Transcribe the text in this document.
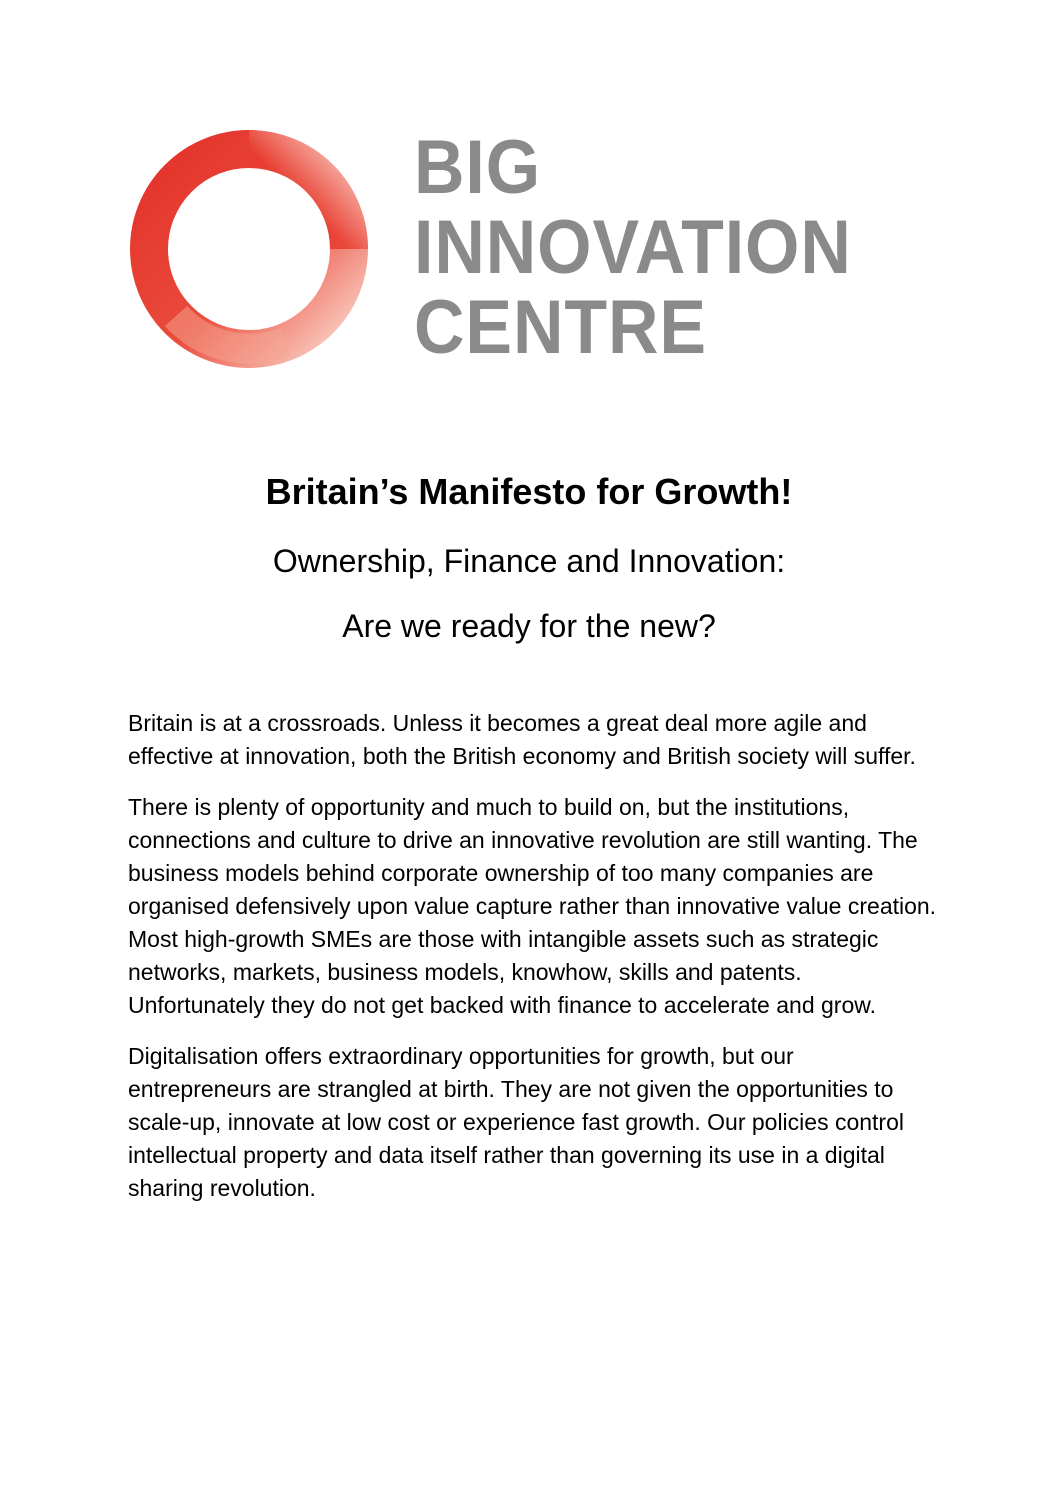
BIG
INNOVATION
CENTRE
Britain’s Manifesto for Growth!
Ownership, Finance and Innovation:
Are we ready for the new?

Britain is at a crossroads. Unless it becomes a great deal more agile and effective at innovation, both the British economy and British society will suffer.

There is plenty of opportunity and much to build on, but the institutions, connections and culture to drive an innovative revolution are still wanting. The business models behind corporate ownership of too many companies are organised defensively upon value capture rather than innovative value creation. Most high-growth SMEs are those with intangible assets such as strategic networks, markets, business models, knowhow, skills and patents. Unfortunately they do not get backed with finance to accelerate and grow.

Digitalisation offers extraordinary opportunities for growth, but our entrepreneurs are strangled at birth. They are not given the opportunities to scale-up, innovate at low cost or experience fast growth. Our policies control intellectual property and data itself rather than governing its use in a digital sharing revolution.
